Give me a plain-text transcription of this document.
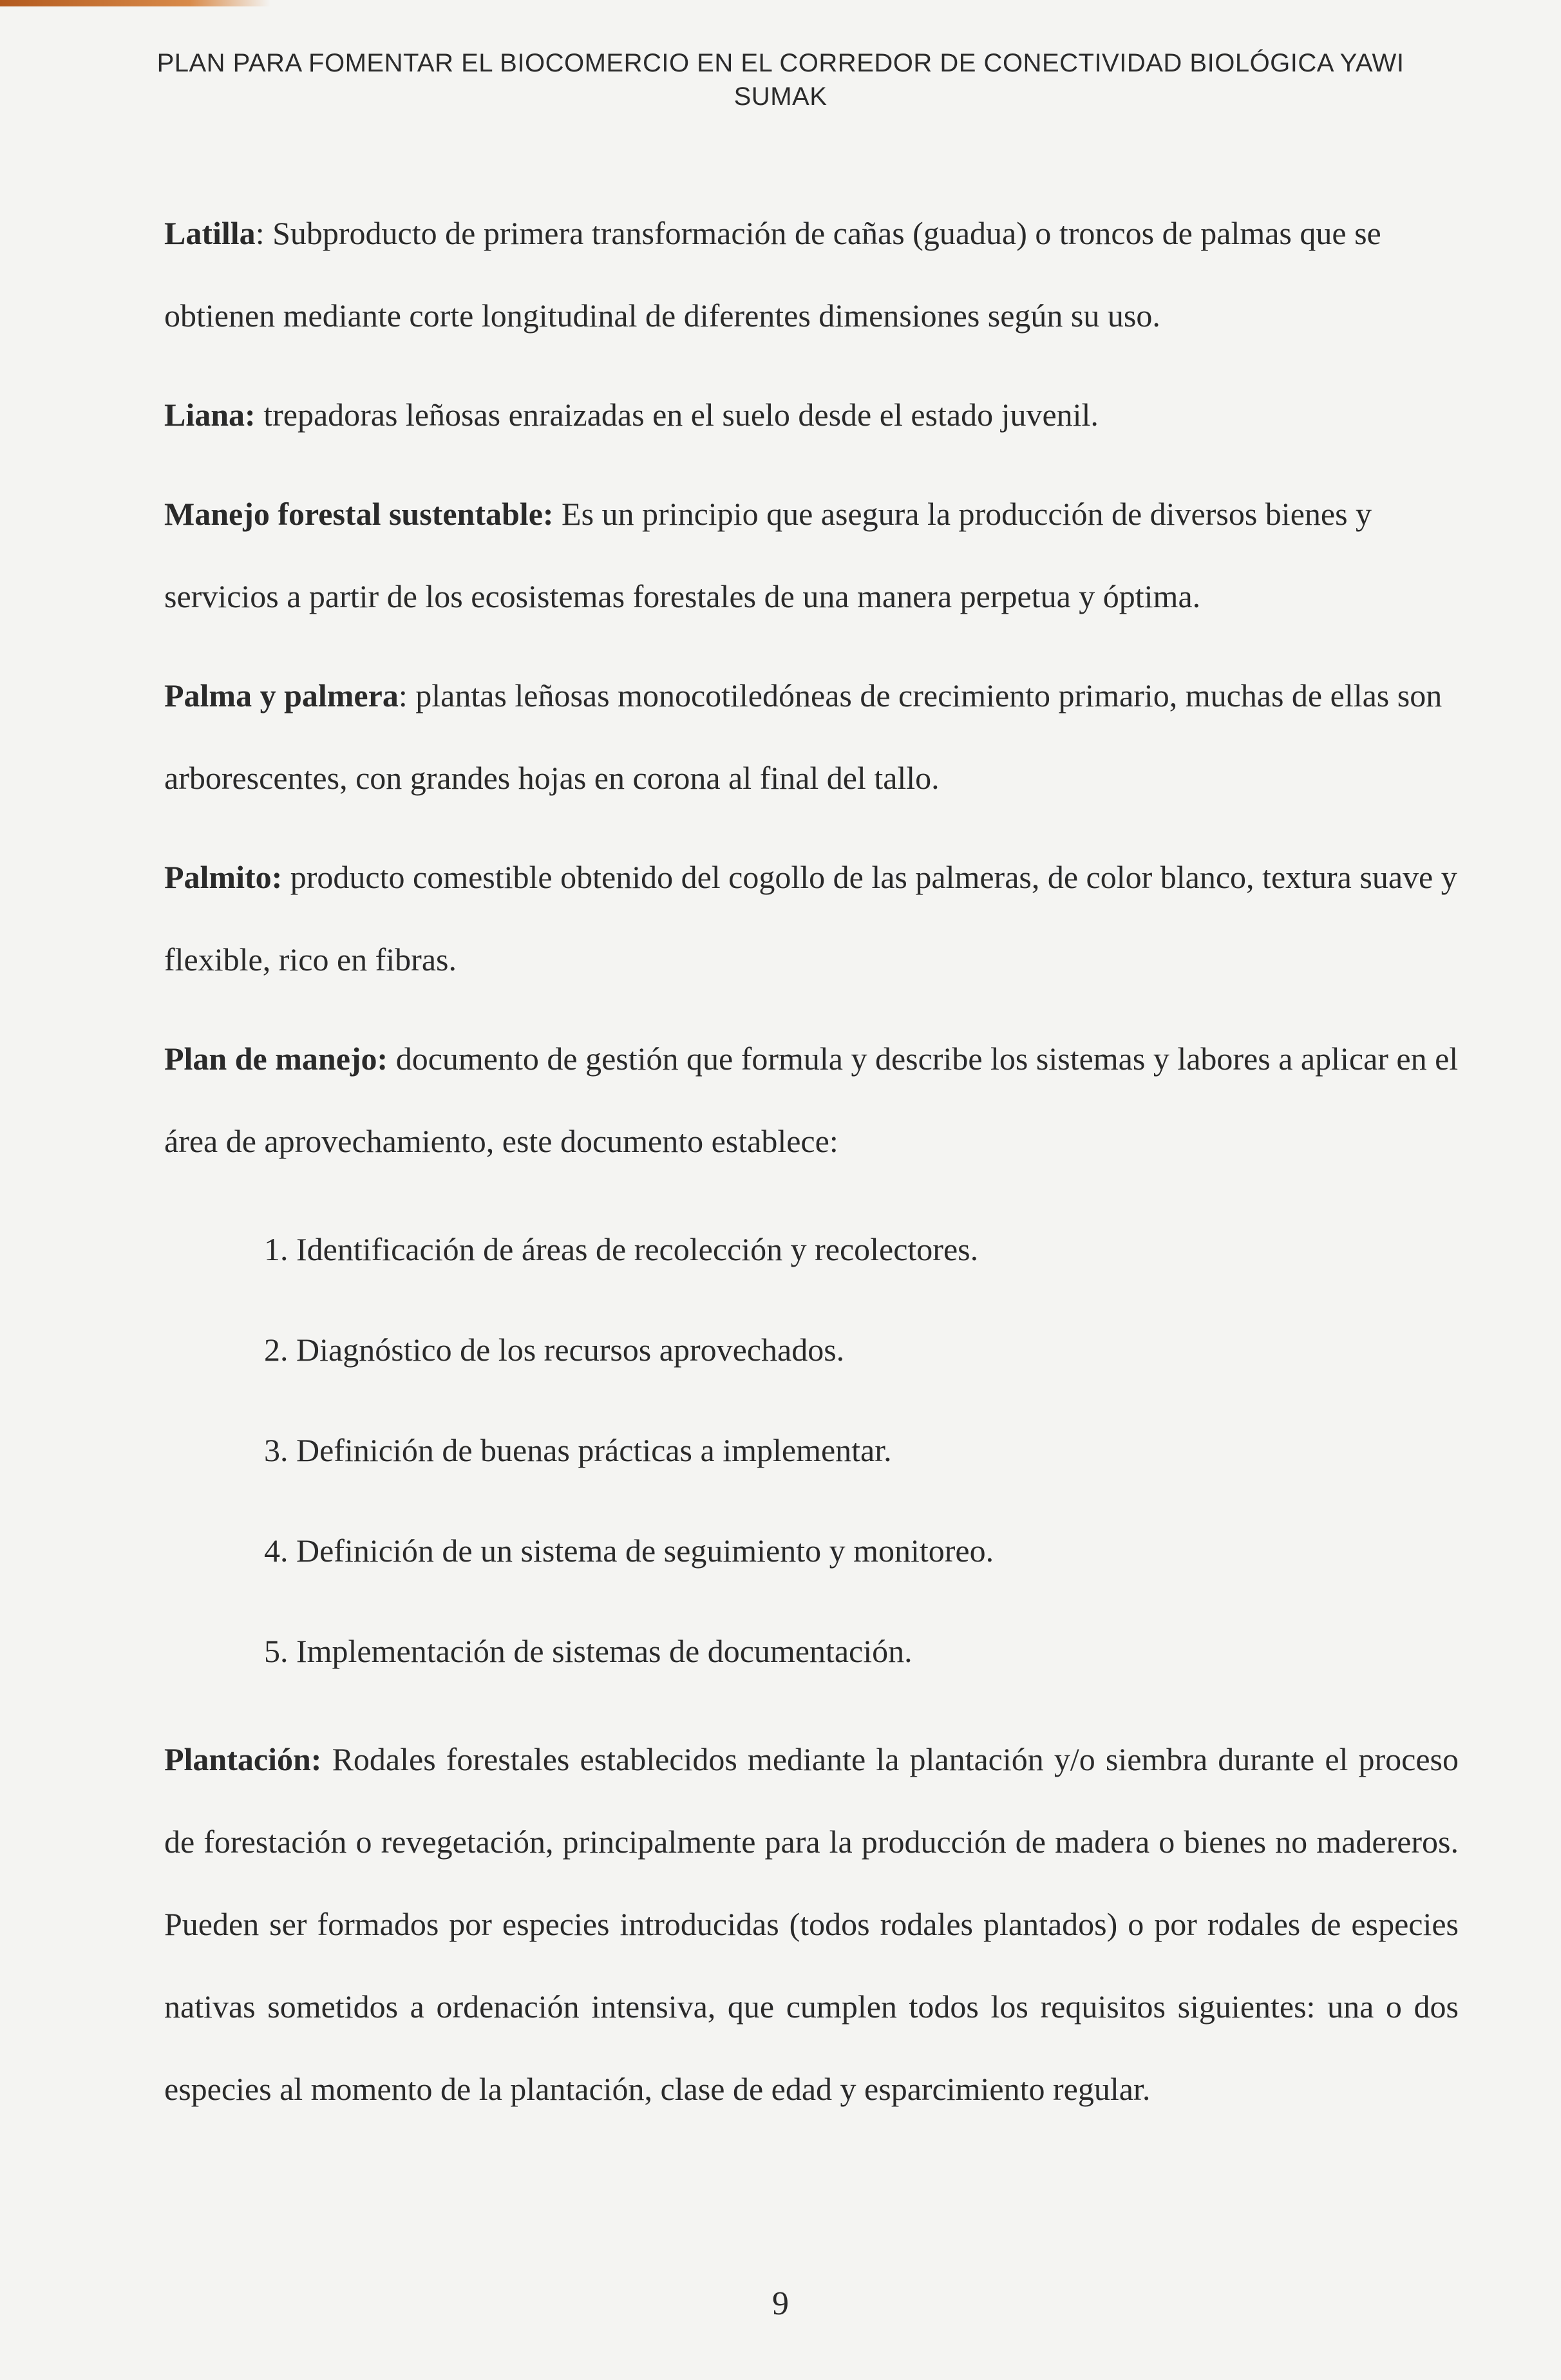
PLAN PARA FOMENTAR EL BIOCOMERCIO EN EL CORREDOR DE CONECTIVIDAD BIOLÓGICA YAWI
SUMAK

Latilla: Subproducto de primera transformación de cañas (guadua) o troncos de palmas que se obtienen mediante corte longitudinal de diferentes dimensiones según su uso.

Liana: trepadoras leñosas enraizadas en el suelo desde el estado juvenil.

Manejo forestal sustentable: Es un principio que asegura la producción de diversos bienes y servicios a partir de los ecosistemas forestales de una manera perpetua y óptima.

Palma y palmera: plantas leñosas monocotiledóneas de crecimiento primario, muchas de ellas son arborescentes, con grandes hojas en corona al final del tallo.

Palmito: producto comestible obtenido del cogollo de las palmeras, de color blanco, textura suave y flexible, rico en fibras.

Plan de manejo: documento de gestión que formula y describe los sistemas y labores a aplicar en el área de aprovechamiento, este documento establece:

1. Identificación de áreas de recolección y recolectores.
2. Diagnóstico de los recursos aprovechados.
3. Definición de buenas prácticas a implementar.
4. Definición de un sistema de seguimiento y monitoreo.
5. Implementación de sistemas de documentación.

Plantación: Rodales forestales establecidos mediante la plantación y/o siembra durante el proceso de forestación o revegetación, principalmente para la producción de madera o bienes no madereros. Pueden ser formados por especies introducidas (todos rodales plantados) o por rodales de especies nativas sometidos a ordenación intensiva, que cumplen todos los requisitos siguientes: una o dos especies al momento de la plantación, clase de edad y esparcimiento regular.

9
